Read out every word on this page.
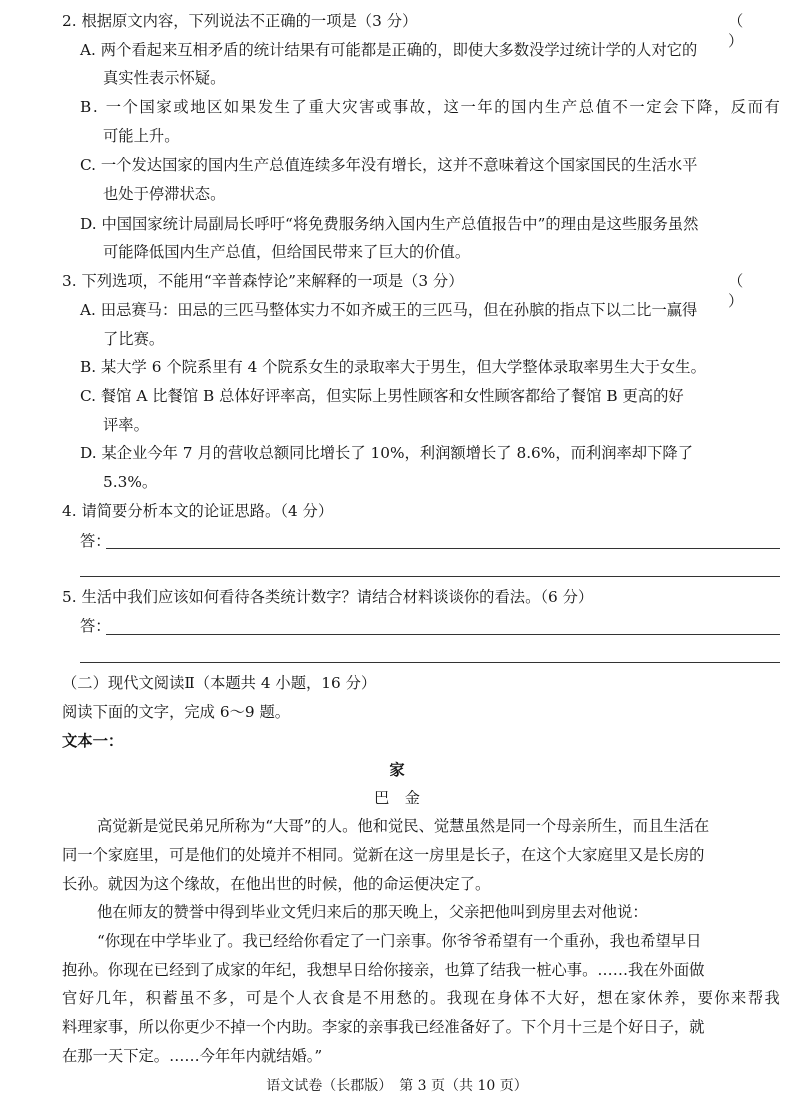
2. 根据原文内容，下列说法不正确的一项是（3 分）	（ ）
A. 两个看起来互相矛盾的统计结果有可能都是正确的，即使大多数没学过统计学的人对它的
真实性表示怀疑。
B. 一个国家或地区如果发生了重大灾害或事故，这一年的国内生产总值不一定会下降，反而有
可能上升。
C. 一个发达国家的国内生产总值连续多年没有增长，这并不意味着这个国家国民的生活水平
也处于停滞状态。
D. 中国国家统计局副局长呼吁“将免费服务纳入国内生产总值报告中”的理由是这些服务虽然
可能降低国内生产总值，但给国民带来了巨大的价值。
3. 下列选项，不能用“辛普森悖论”来解释的一项是（3 分）	（ ）
A. 田忌赛马：田忌的三匹马整体实力不如齐威王的三匹马，但在孙膑的指点下以二比一赢得
了比赛。
B. 某大学 6 个院系里有 4 个院系女生的录取率大于男生，但大学整体录取率男生大于女生。
C. 餐馆 A 比餐馆 B 总体好评率高，但实际上男性顾客和女性顾客都给了餐馆 B 更高的好
评率。
D. 某企业今年 7 月的营收总额同比增长了 10%，利润额增长了 8.6%，而利润率却下降了
5.3%。
4. 请简要分析本文的论证思路。（4 分）
答：
5. 生活中我们应该如何看待各类统计数字？请结合材料谈谈你的看法。（6 分）
答：
（二）现代文阅读Ⅱ（本题共 4 小题，16 分）
阅读下面的文字，完成 6～9 题。
文本一：
家
巴　金
高觉新是觉民弟兄所称为“大哥”的人。他和觉民、觉慧虽然是同一个母亲所生，而且生活在
同一个家庭里，可是他们的处境并不相同。觉新在这一房里是长子，在这个大家庭里又是长房的
长孙。就因为这个缘故，在他出世的时候，他的命运便决定了。
他在师友的赞誉中得到毕业文凭归来后的那天晚上，父亲把他叫到房里去对他说：
“你现在中学毕业了。我已经给你看定了一门亲事。你爷爷希望有一个重孙，我也希望早日
抱孙。你现在已经到了成家的年纪，我想早日给你接亲，也算了结我一桩心事。……我在外面做
官好几年，积蓄虽不多，可是个人衣食是不用愁的。我现在身体不大好，想在家休养，要你来帮我
料理家事，所以你更少不掉一个内助。李家的亲事我已经准备好了。下个月十三是个好日子，就
在那一天下定。……今年年内就结婚。”
语文试卷（长郡版）　第 3 页（共 10 页）
